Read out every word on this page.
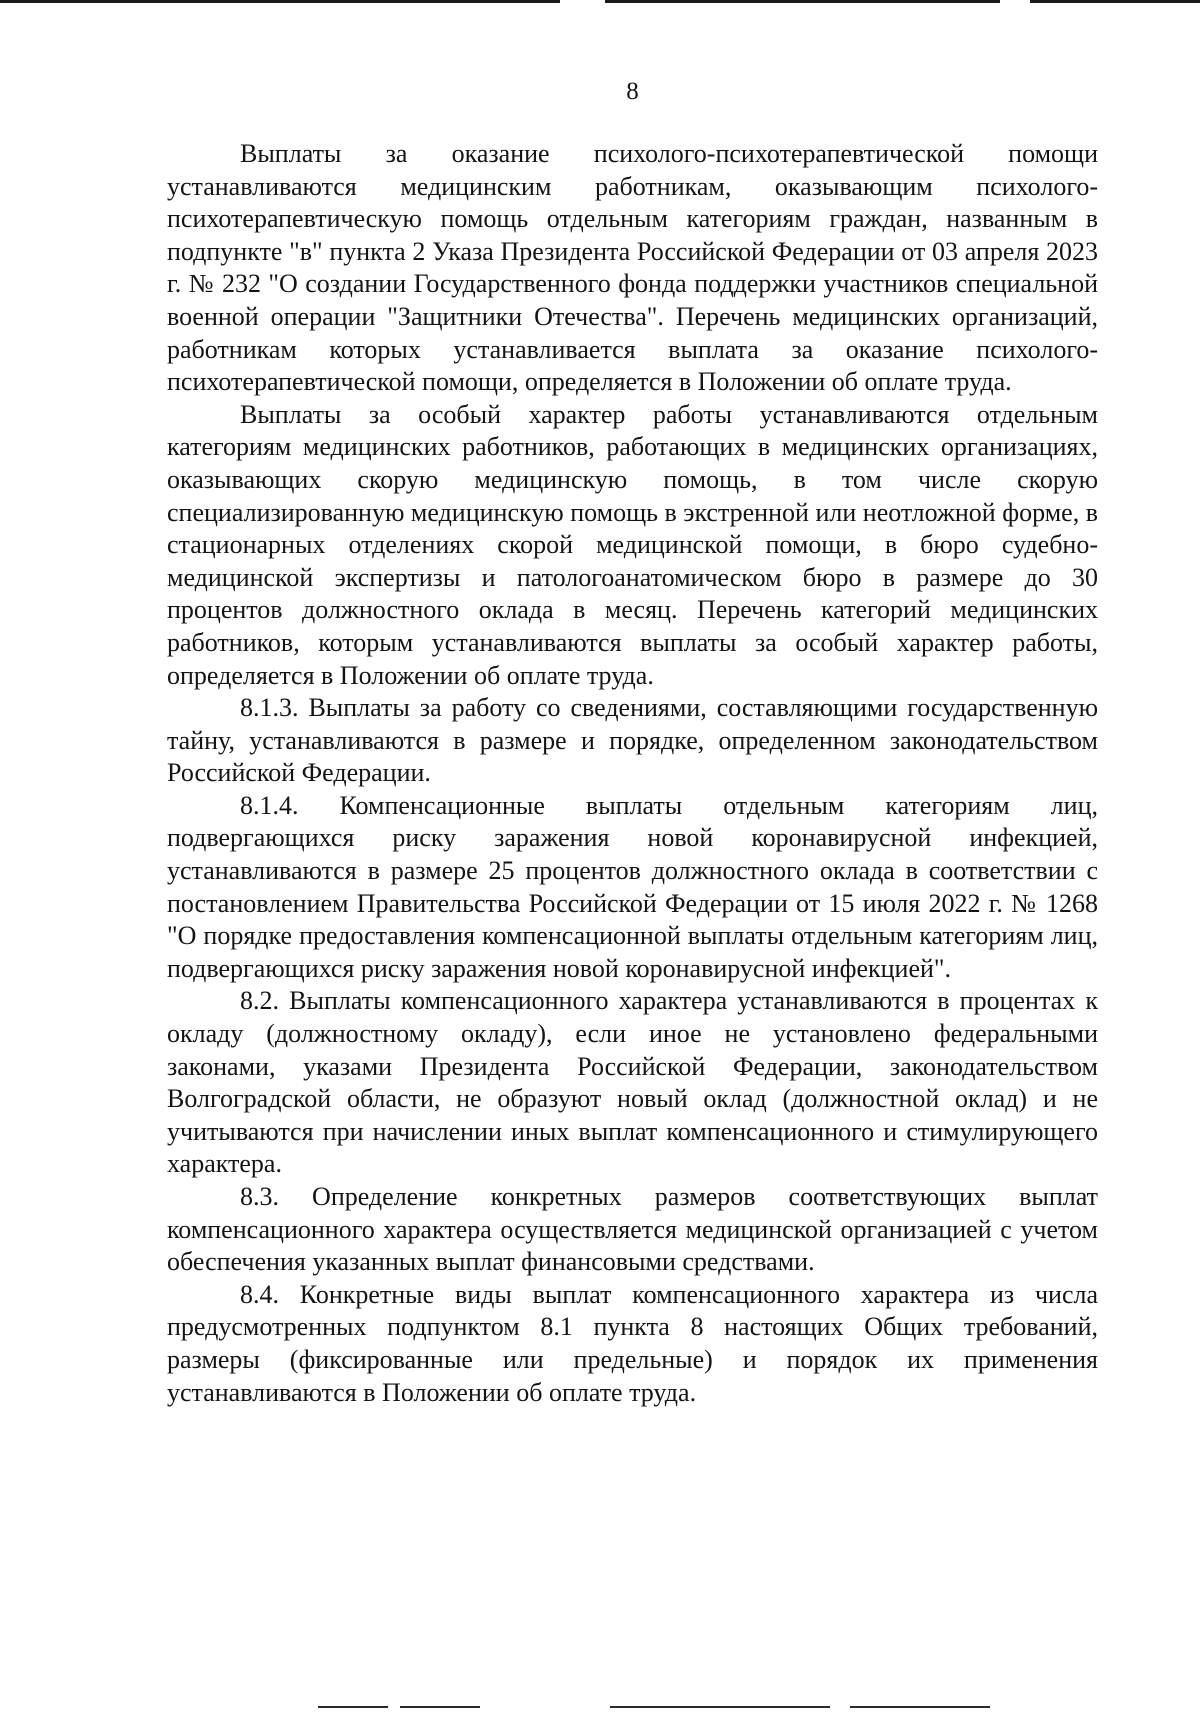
8

Выплаты за оказание психолого-психотерапевтической помощи устанавливаются медицинским работникам, оказывающим психолого-психотерапевтическую помощь отдельным категориям граждан, названным в подпункте "в" пункта 2 Указа Президента Российской Федерации от 03 апреля 2023 г. № 232 "О создании Государственного фонда поддержки участников специальной военной операции "Защитники Отечества". Перечень медицинских организаций, работникам которых устанавливается выплата за оказание психолого-психотерапевтической помощи, определяется в Положении об оплате труда.

Выплаты за особый характер работы устанавливаются отдельным категориям медицинских работников, работающих в медицинских организациях, оказывающих скорую медицинскую помощь, в том числе скорую специализированную медицинскую помощь в экстренной или неотложной форме, в стационарных отделениях скорой медицинской помощи, в бюро судебно-медицинской экспертизы и патологоанатомическом бюро в размере до 30 процентов должностного оклада в месяц. Перечень категорий медицинских работников, которым устанавливаются выплаты за особый характер работы, определяется в Положении об оплате труда.

8.1.3. Выплаты за работу со сведениями, составляющими государственную тайну, устанавливаются в размере и порядке, определенном законодательством Российской Федерации.

8.1.4. Компенсационные выплаты отдельным категориям лиц, подвергающихся риску заражения новой коронавирусной инфекцией, устанавливаются в размере 25 процентов должностного оклада в соответствии с постановлением Правительства Российской Федерации от 15 июля 2022 г. № 1268 "О порядке предоставления компенсационной выплаты отдельным категориям лиц, подвергающихся риску заражения новой коронавирусной инфекцией".

8.2. Выплаты компенсационного характера устанавливаются в процентах к окладу (должностному окладу), если иное не установлено федеральными законами, указами Президента Российской Федерации, законодательством Волгоградской области, не образуют новый оклад (должностной оклад) и не учитываются при начислении иных выплат компенсационного и стимулирующего характера.

8.3. Определение конкретных размеров соответствующих выплат компенсационного характера осуществляется медицинской организацией с учетом обеспечения указанных выплат финансовыми средствами.

8.4. Конкретные виды выплат компенсационного характера из числа предусмотренных подпунктом 8.1 пункта 8 настоящих Общих требований, размеры (фиксированные или предельные) и порядок их применения устанавливаются в Положении об оплате труда.
